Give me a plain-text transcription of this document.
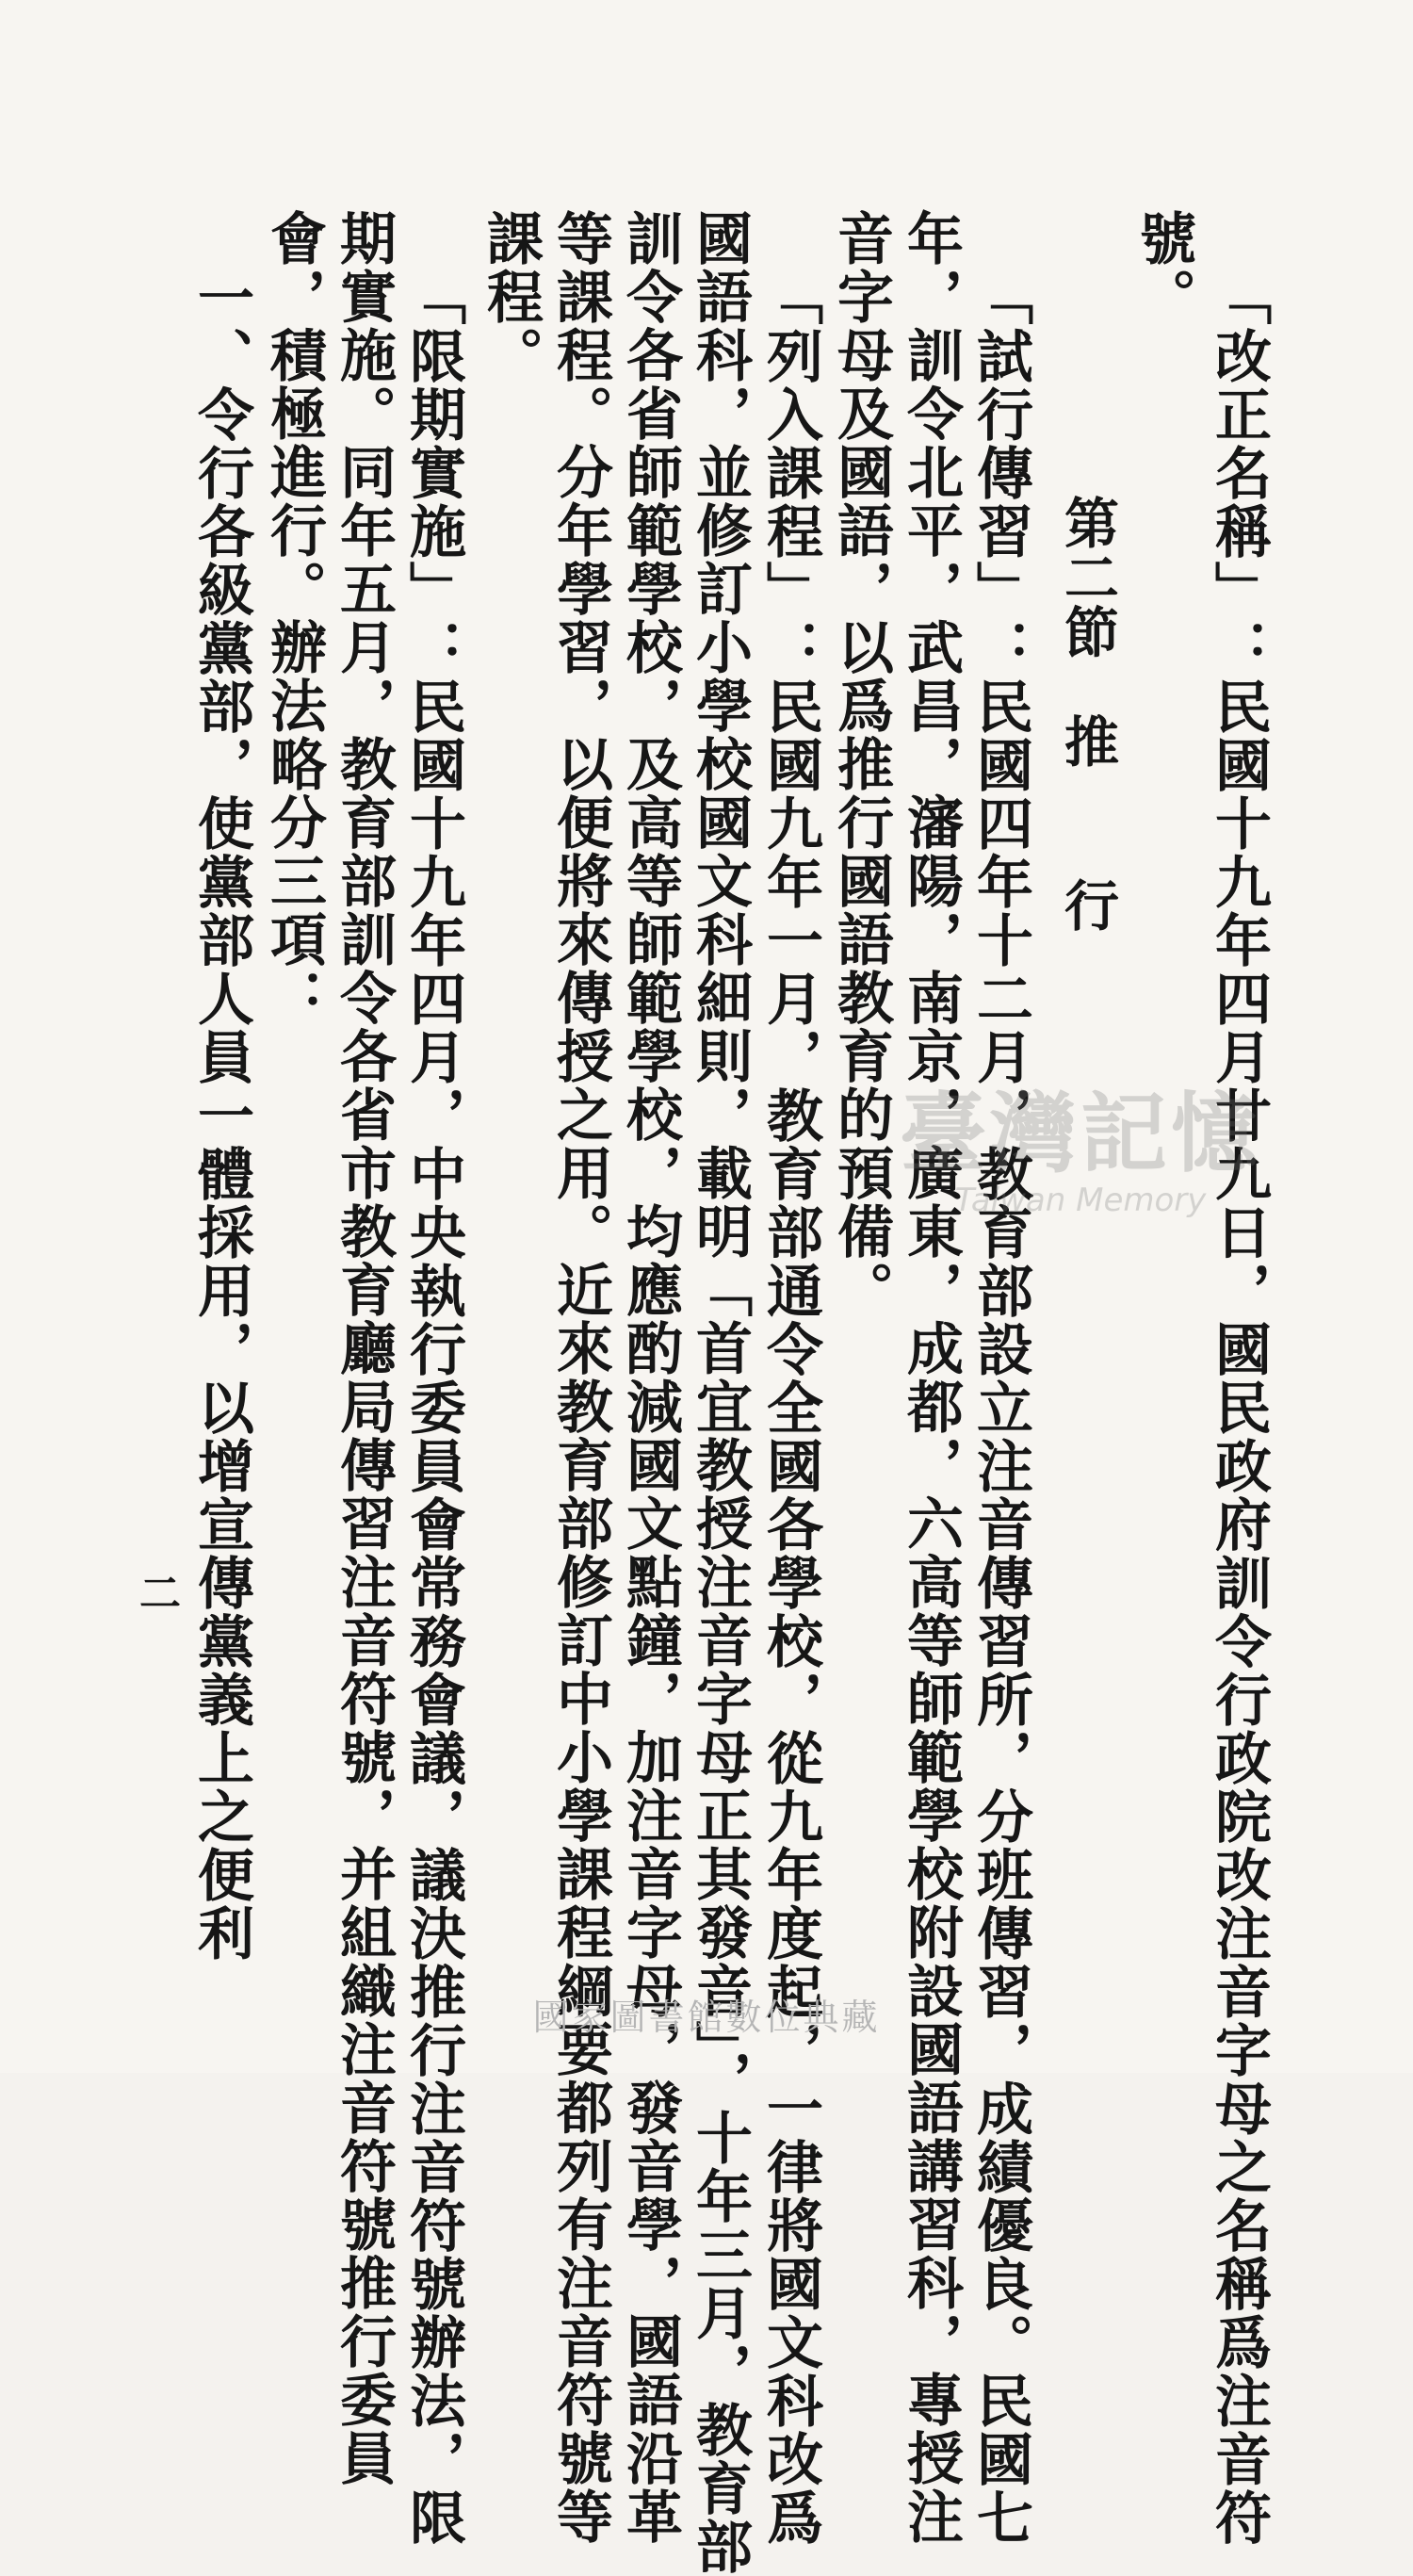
「改正名稱」：民國十九年四月廿九日，國民政府訓令行政院改注音字母之名稱爲注音符
號。
第二節　推　　行
「試行傳習」：民國四年十二月，教育部設立注音傳習所，分班傳習，成績優良。民國七
年，訓令北平，武昌，瀋陽，南京，廣東，成都，六高等師範學校附設國語講習科，專授注
音字母及國語，以爲推行國語教育的預備。
「列入課程」：民國九年一月，教育部通令全國各學校，從九年度起，一律將國文科改爲
國語科，並修訂小學校國文科細則，載明「首宜教授注音字母正其發音」，十年三月，教育部
訓令各省師範學校，及高等師範學校，均應酌減國文點鐘，加注音字母，發音學，國語沿革
等課程。分年學習，以便將來傳授之用。近來教育部修訂中小學課程綱要都列有注音符號等
課程。
「限期實施」：民國十九年四月，中央執行委員會常務會議，議決推行注音符號辦法，限
期實施。同年五月，教育部訓令各省市教育廳局傳習注音符號，并組織注音符號推行委員
會，積極進行。辦法略分三項：
一、令行各級黨部，使黨部人員一體採用，以增宣傳黨義上之便利
二
臺灣記憶
Taiwan Memory
國家圖書館數位典藏
